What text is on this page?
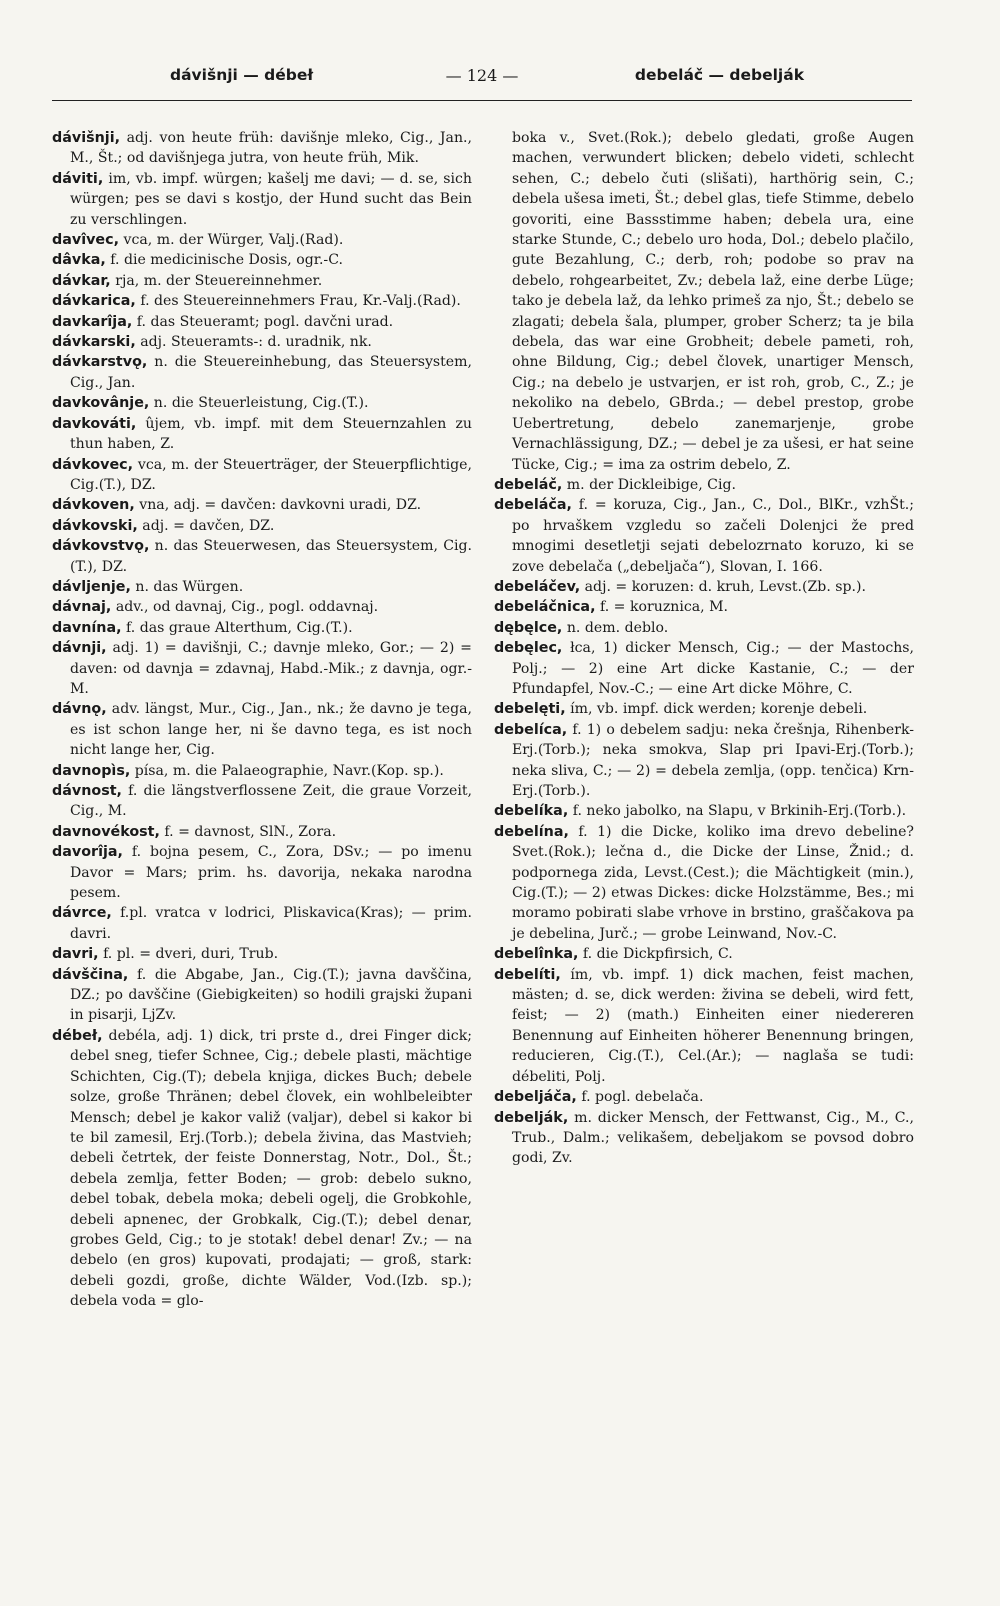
— 124 —
dávišnji — débeł	debeláč — debelják

dávišnji, adj. von heute früh: davišnje mleko, Cig., Jan., M., Št.; od davišnjega jutra, von heute früh, Mik.

dáviti, im, vb. impf. würgen; kašelj me davi; — d. se, sich würgen; pes se davi s kostjo, der Hund sucht das Bein zu verschlingen.

davîvec, vca, m. der Würger, Valj.(Rad).

dâvka, f. die medicinische Dosis, ogr.-C.

dávkar, rja, m. der Steuereinnehmer.

dávkarica, f. des Steuereinnehmers Frau, Kr.-Valj.(Rad).

davkarîja, f. das Steueramt; pogl. davčni urad.

dávkarski, adj. Steueramts-: d. uradnik, nk.

dávkarstvǫ, n. die Steuereinhebung, das Steuersystem, Cig., Jan.

davkovânje, n. die Steuerleistung, Cig.(T.).

davkováti, ûjem, vb. impf. mit dem Steuernzahlen zu thun haben, Z.

dávkovec, vca, m. der Steuerträger, der Steuerpflichtige, Cig.(T.), DZ.

dávkoven, vna, adj. = davčen: davkovni uradi, DZ.

dávkovski, adj. = davčen, DZ.

dávkovstvǫ, n. das Steuerwesen, das Steuersystem, Cig.(T.), DZ.

dávljenje, n. das Würgen.

dávnaj, adv., od davnaj, Cig., pogl. oddavnaj.

davnína, f. das graue Alterthum, Cig.(T.).

dávnji, adj. 1) = davišnji, C.; davnje mleko, Gor.; — 2) = daven: od davnja = zdavnaj, Habd.-Mik.; z davnja, ogr.-M.

dávnǫ, adv. längst, Mur., Cig., Jan., nk.; že davno je tega, es ist schon lange her, ni še davno tega, es ist noch nicht lange her, Cig.

davnopìs, písa, m. die Palaeographie, Navr.(Kop. sp.).

dávnost, f. die längstverflossene Zeit, die graue Vorzeit, Cig., M.

davnovékost, f. = davnost, SlN., Zora.

davorîja, f. bojna pesem, C., Zora, DSv.; — po imenu Davor = Mars; prim. hs. davorija, nekaka narodna pesem.

dávrce, f.pl. vratca v lodrici, Pliskavica(Kras); — prim. davri.

davri, f. pl. = dveri, duri, Trub.

dávščina, f. die Abgabe, Jan., Cig.(T.); javna davščina, DZ.; po davščine (Giebigkeiten) so hodili grajski župani in pisarji, LjZv.

débeł, debéla, adj. 1) dick, tri prste d., drei Finger dick; debel sneg, tiefer Schnee, Cig.; debele plasti, mächtige Schichten, Cig.(T); debela knjiga, dickes Buch; debele solze, große Thränen; debel človek, ein wohlbeleibter Mensch; debel je kakor valiž (valjar), debel si kakor bi te bil zamesil, Erj.(Torb.); debela živina, das Mastvieh; debeli četrtek, der feiste Donnerstag, Notr., Dol., Št.; debela zemlja, fetter Boden; — grob: debelo sukno, debel tobak, debela moka; debeli ogelj, die Grobkohle, debeli apnenec, der Grobkalk, Cig.(T.); debel denar, grobes Geld, Cig.; to je stotak! debel denar! Zv.; — na debelo (en gros) kupovati, prodajati; — groß, stark: debeli gozdi, große, dichte Wälder, Vod.(Izb. sp.); debela voda = glo-

boka v., Svet.(Rok.); debelo gledati, große Augen machen, verwundert blicken; debelo videti, schlecht sehen, C.; debelo čuti (slišati), harthörig sein, C.; debela ušesa imeti, Št.; debel glas, tiefe Stimme, debelo govoriti, eine Bassstimme haben; debela ura, eine starke Stunde, C.; debelo uro hoda, Dol.; debelo plačilo, gute Bezahlung, C.; derb, roh; podobe so prav na debelo, rohgearbeitet, Zv.; debela laž, eine derbe Lüge; tako je debela laž, da lehko primeš za njo, Št.; debelo se zlagati; debela šala, plumper, grober Scherz; ta je bila debela, das war eine Grobheit; debele pameti, roh, ohne Bildung, Cig.; debel človek, unartiger Mensch, Cig.; na debelo je ustvarjen, er ist roh, grob, C., Z.; je nekoliko na debelo, GBrda.; — debel prestop, grobe Uebertretung, debelo zanemarjenje, grobe Vernachlässigung, DZ.; — debel je za ušesi, er hat seine Tücke, Cig.; = ima za ostrim debelo, Z.

debeláč, m. der Dickleibige, Cig.

debeláča, f. = koruza, Cig., Jan., C., Dol., BlKr., vzhŠt.; po hrvaškem vzgledu so začeli Dolenjci že pred mnogimi desetletji sejati debelozrnato koruzo, ki se zove debelača („debeljača“), Slovan, I. 166.

debeláčev, adj. = koruzen: d. kruh, Levst.(Zb. sp.).

debeláčnica, f. = koruznica, M.

dębęlce, n. dem. deblo.

debęlec, łca, 1) dicker Mensch, Cig.; — der Mastochs, Polj.; — 2) eine Art dicke Kastanie, C.; — der Pfundapfel, Nov.-C.; — eine Art dicke Möhre, C.

debelęti, ím, vb. impf. dick werden; korenje debeli.

debelíca, f. 1) o debelem sadju: neka črešnja, Rihenberk-Erj.(Torb.); neka smokva, Slap pri Ipavi-Erj.(Torb.); neka sliva, C.; — 2) = debela zemlja, (opp. tenčica) Krn-Erj.(Torb.).

debelíka, f. neko jabolko, na Slapu, v Brkinih-Erj.(Torb.).

debelína, f. 1) die Dicke, koliko ima drevo debeline? Svet.(Rok.); lečna d., die Dicke der Linse, Žnid.; d. podpornega zida, Levst.(Cest.); die Mächtigkeit (min.), Cig.(T.); — 2) etwas Dickes: dicke Holzstämme, Bes.; mi moramo pobirati slabe vrhove in brstino, graščakova pa je debelina, Jurč.; — grobe Leinwand, Nov.-C.

debelînka, f. die Dickpfirsich, C.

debelíti, ím, vb. impf. 1) dick machen, feist machen, mästen; d. se, dick werden: živina se debeli, wird fett, feist; — 2) (math.) Einheiten einer niedereren Benennung auf Einheiten höherer Benennung bringen, reducieren, Cig.(T.), Cel.(Ar.); — naglaša se tudi: débeliti, Polj.

debeljáča, f. pogl. debelača.

debelják, m. dicker Mensch, der Fettwanst, Cig., M., C., Trub., Dalm.; velikašem, debeljakom se povsod dobro godi, Zv.
